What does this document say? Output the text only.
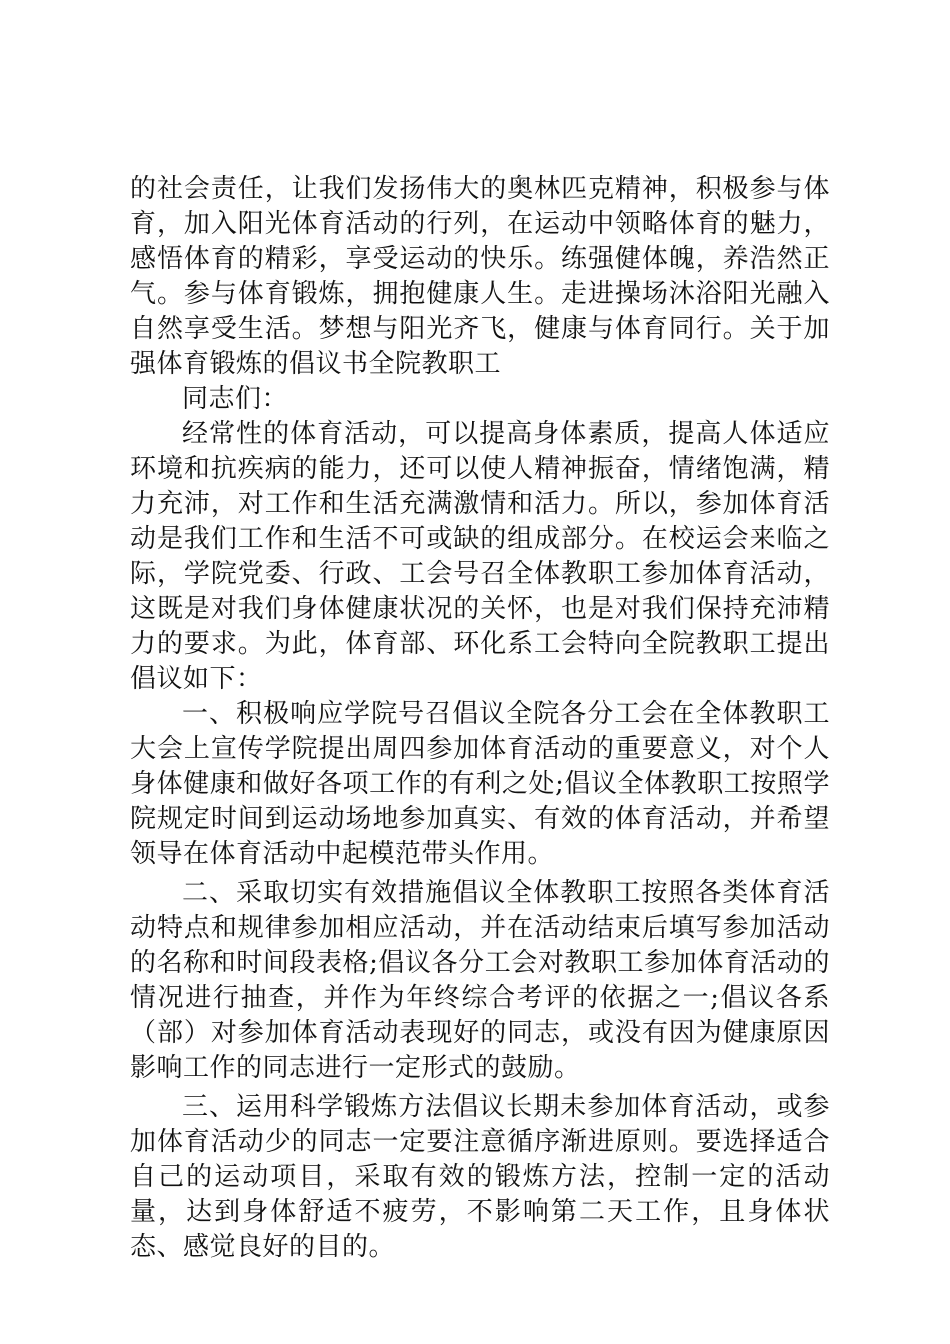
的社会责任，让我们发扬伟大的奥林匹克精神，积极参与体育，加入阳光体育活动的行列，在运动中领略体育的魅力，感悟体育的精彩，享受运动的快乐。练强健体魄，养浩然正气。参与体育锻炼，拥抱健康人生。走进操场沐浴阳光融入自然享受生活。梦想与阳光齐飞，健康与体育同行。关于加强体育锻炼的倡议书全院教职工

同志们：

经常性的体育活动，可以提高身体素质，提高人体适应环境和抗疾病的能力，还可以使人精神振奋，情绪饱满，精力充沛，对工作和生活充满激情和活力。所以，参加体育活动是我们工作和生活不可或缺的组成部分。在校运会来临之际，学院党委、行政、工会号召全体教职工参加体育活动，这既是对我们身体健康状况的关怀，也是对我们保持充沛精力的要求。为此，体育部、环化系工会特向全院教职工提出倡议如下：

一、积极响应学院号召倡议全院各分工会在全体教职工大会上宣传学院提出周四参加体育活动的重要意义，对个人身体健康和做好各项工作的有利之处;倡议全体教职工按照学院规定时间到运动场地参加真实、有效的体育活动，并希望领导在体育活动中起模范带头作用。

二、采取切实有效措施倡议全体教职工按照各类体育活动特点和规律参加相应活动，并在活动结束后填写参加活动的名称和时间段表格;倡议各分工会对教职工参加体育活动的情况进行抽查，并作为年终综合考评的依据之一;倡议各系（部）对参加体育活动表现好的同志，或没有因为健康原因影响工作的同志进行一定形式的鼓励。

三、运用科学锻炼方法倡议长期未参加体育活动，或参加体育活动少的同志一定要注意循序渐进原则。要选择适合自己的运动项目，采取有效的锻炼方法，控制一定的活动量，达到身体舒适不疲劳，不影响第二天工作，且身体状态、感觉良好的目的。
